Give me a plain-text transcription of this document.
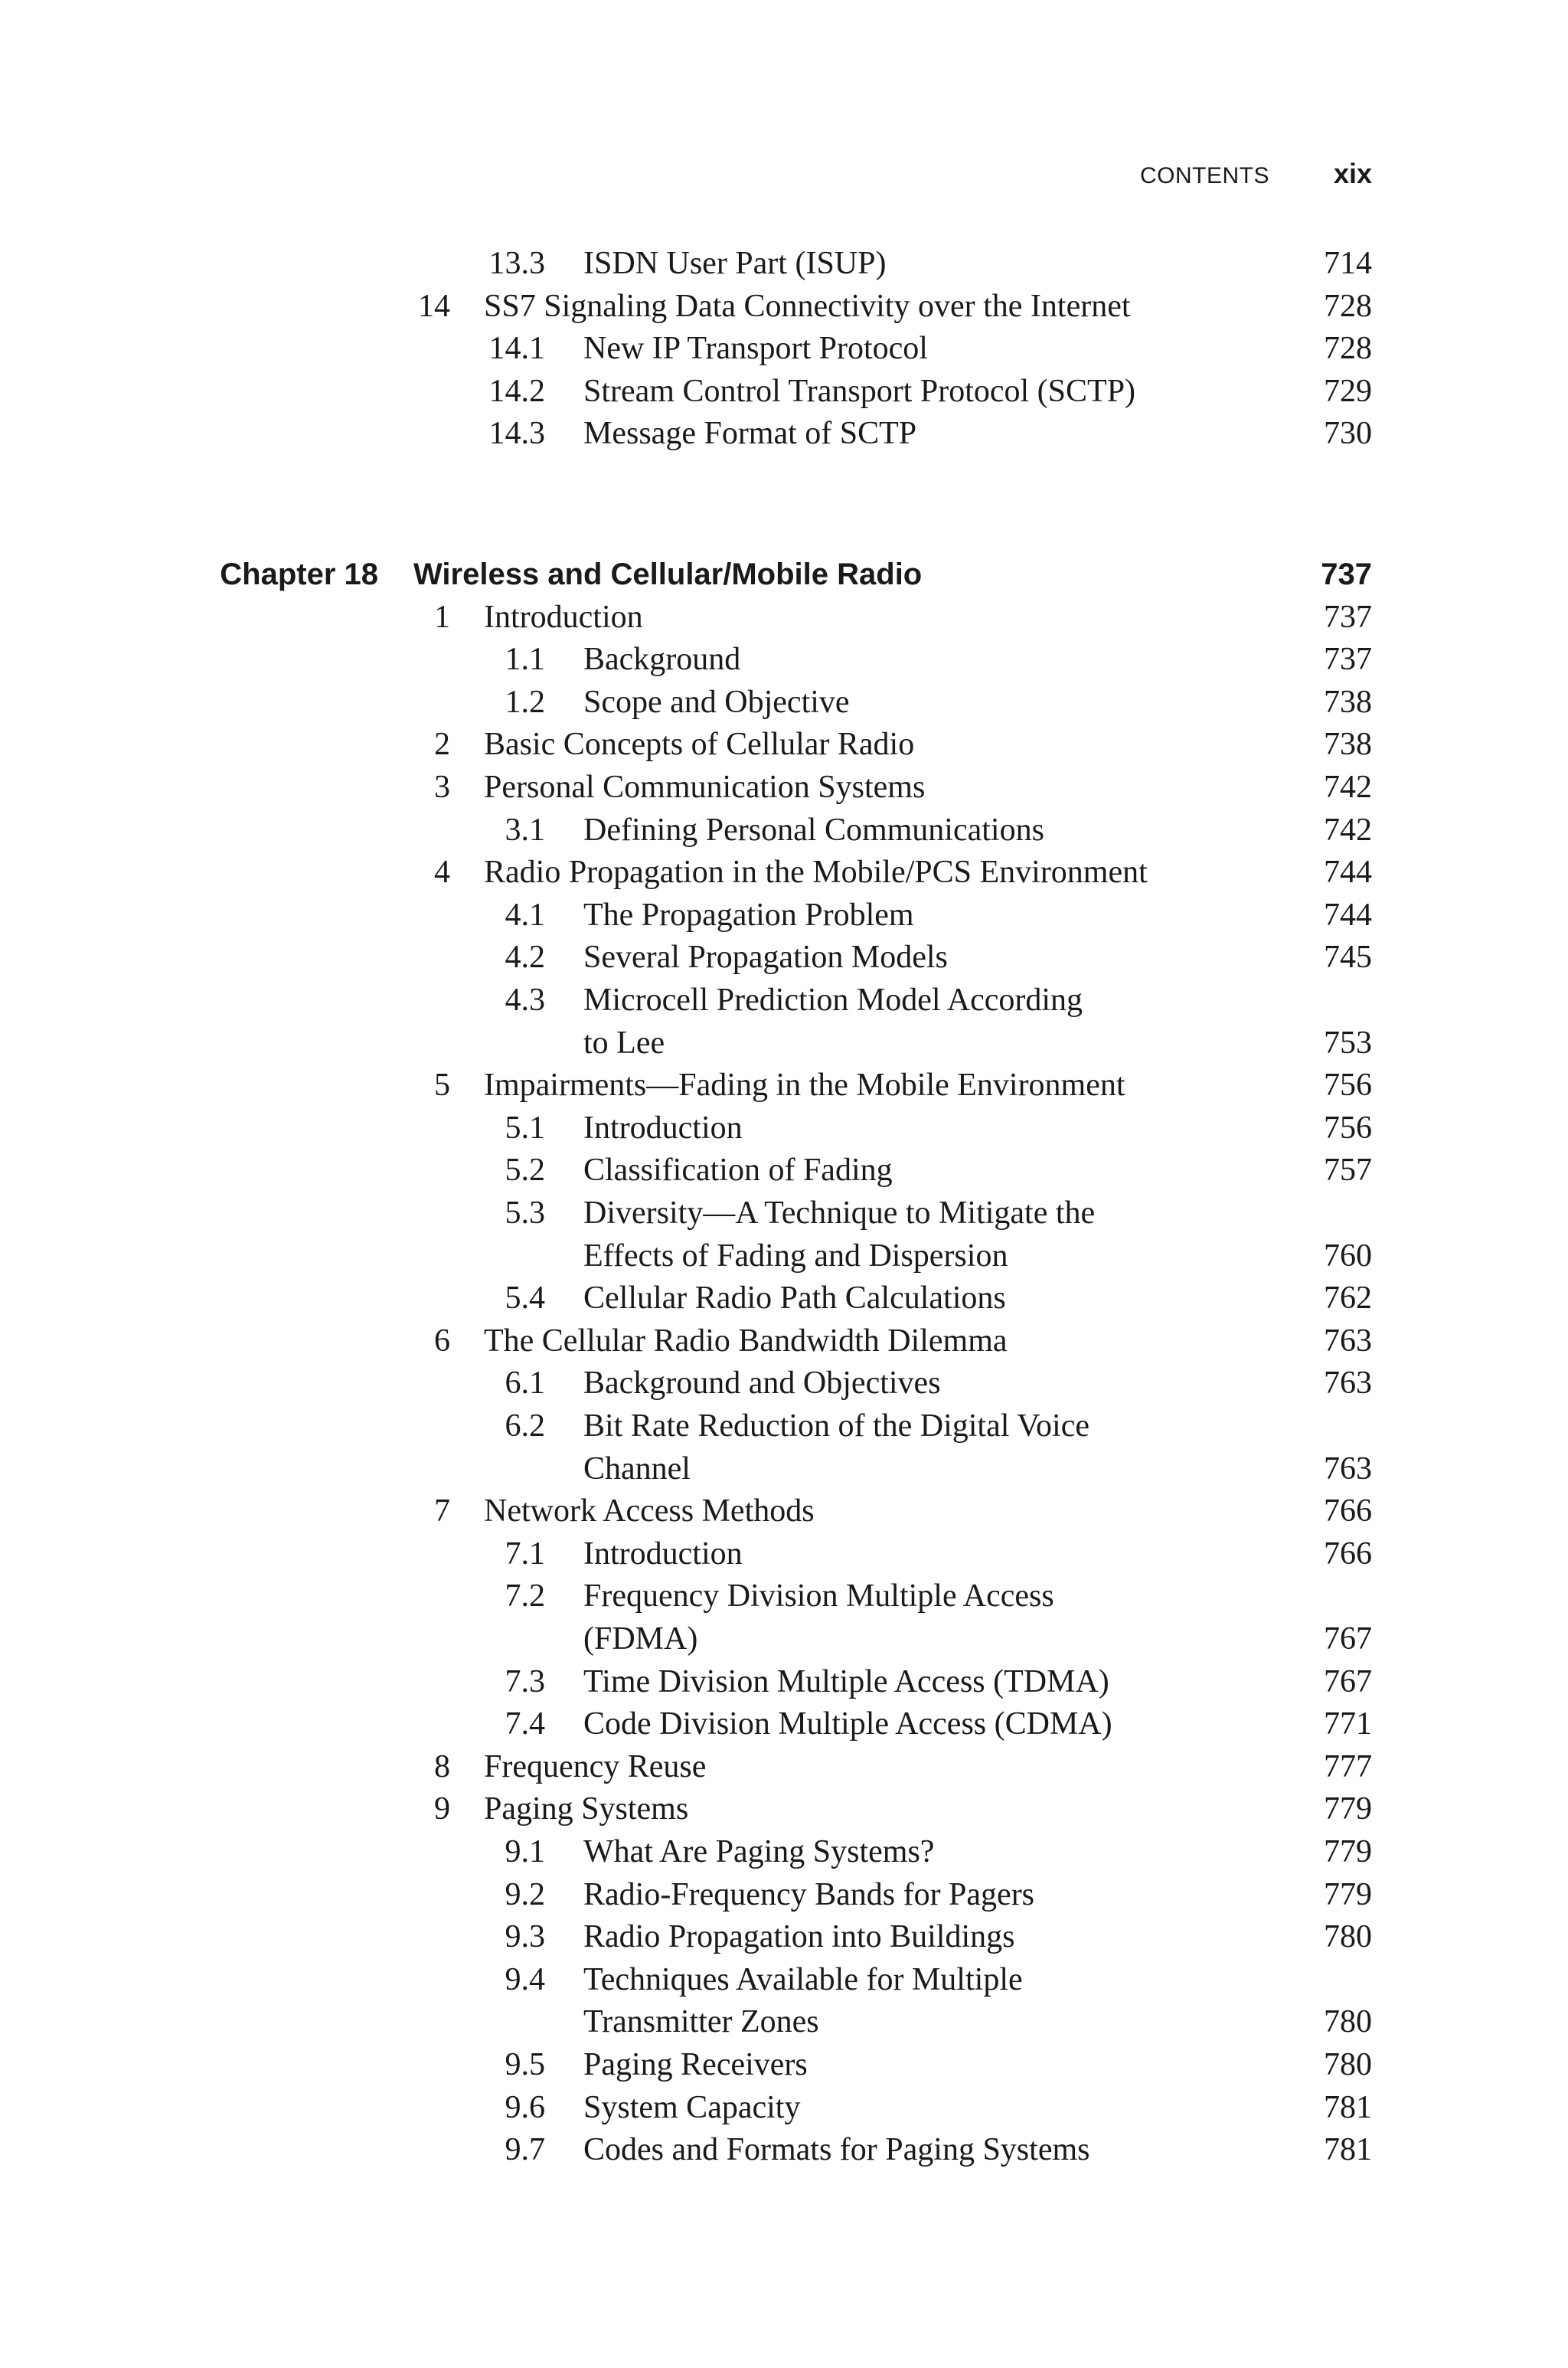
CONTENTS xix
13.3 ISDN User Part (ISUP)	714
14 SS7 Signaling Data Connectivity over the Internet	728
14.1 New IP Transport Protocol	728
14.2 Stream Control Transport Protocol (SCTP)	729
14.3 Message Format of SCTP	730
Chapter 18 Wireless and Cellular/Mobile Radio	737
1 Introduction	737
1.1 Background	737
1.2 Scope and Objective	738
2 Basic Concepts of Cellular Radio	738
3 Personal Communication Systems	742
3.1 Defining Personal Communications	742
4 Radio Propagation in the Mobile/PCS Environment	744
4.1 The Propagation Problem	744
4.2 Several Propagation Models	745
4.3 Microcell Prediction Model According
to Lee	753
5 Impairments—Fading in the Mobile Environment	756
5.1 Introduction	756
5.2 Classification of Fading	757
5.3 Diversity—A Technique to Mitigate the
Effects of Fading and Dispersion	760
5.4 Cellular Radio Path Calculations	762
6 The Cellular Radio Bandwidth Dilemma	763
6.1 Background and Objectives	763
6.2 Bit Rate Reduction of the Digital Voice
Channel	763
7 Network Access Methods	766
7.1 Introduction	766
7.2 Frequency Division Multiple Access
(FDMA)	767
7.3 Time Division Multiple Access (TDMA)	767
7.4 Code Division Multiple Access (CDMA)	771
8 Frequency Reuse	777
9 Paging Systems	779
9.1 What Are Paging Systems?	779
9.2 Radio-Frequency Bands for Pagers	779
9.3 Radio Propagation into Buildings	780
9.4 Techniques Available for Multiple
Transmitter Zones	780
9.5 Paging Receivers	780
9.6 System Capacity	781
9.7 Codes and Formats for Paging Systems	781
